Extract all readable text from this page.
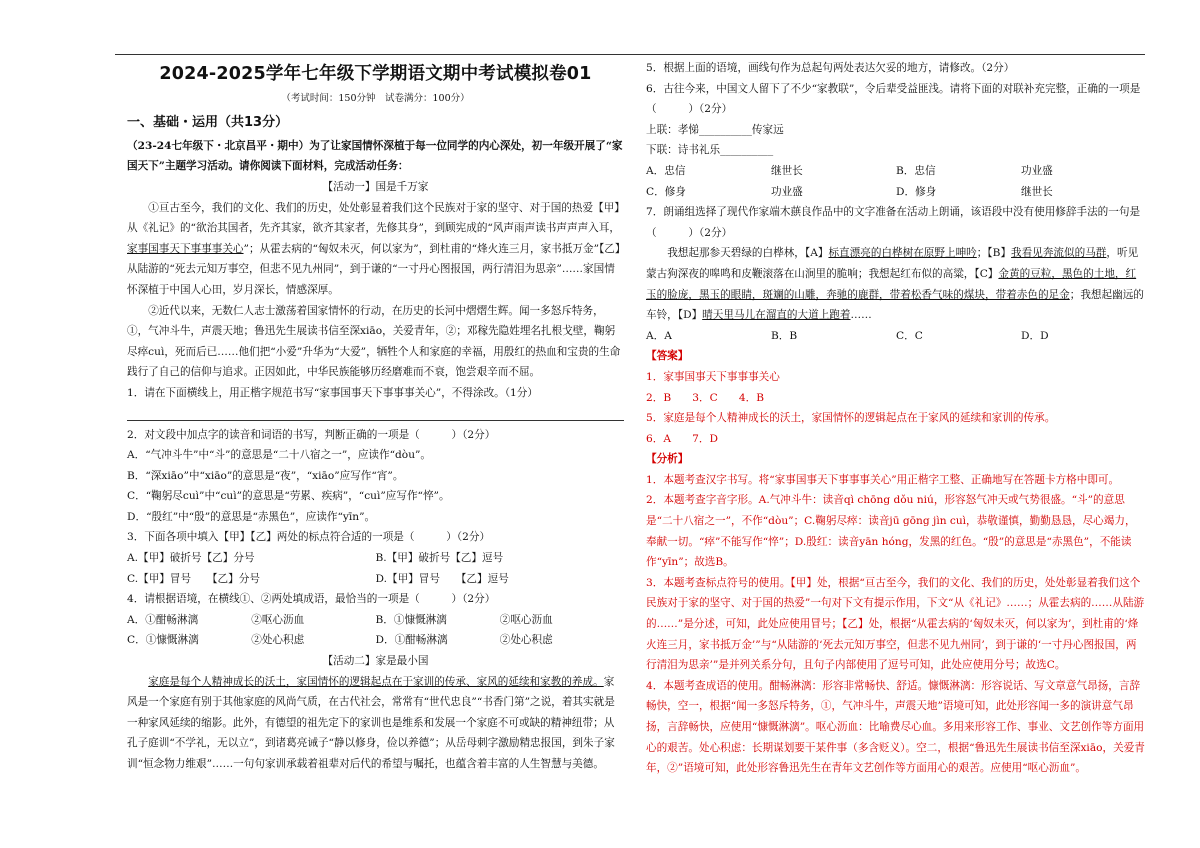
2024-2025学年七年级下学期语文期中考试模拟卷01
（考试时间：150分钟　试卷满分：100分）
一、基础・运用（共13分）

（23-24七年级下・北京昌平・期中）为了让家国情怀深植于每一位同学的内心深处，初一年级开展了“家国天下”主题学习活动。请你阅读下面材料，完成活动任务：

【活动一】国是千万家

①亘古至今，我们的文化、我们的历史，处处彰显着我们这个民族对于家的坚守、对于国的热爱【甲】从《礼记》的“欲治其国者，先齐其家，欲齐其家者，先修其身”，到顾宪成的“风声雨声读书声声声入耳，家事国事天下事事事关心”；从霍去病的“匈奴未灭，何以家为”，到杜甫的“烽火连三月，家书抵万金”【乙】从陆游的“死去元知万事空，但悲不见九州同”，到于谦的“一寸丹心图报国，两行清泪为思亲”……家国情怀深植于中国人心田，岁月深长，情感深厚。

②近代以来，无数仁人志士激荡着国家情怀的行动，在历史的长河中熠熠生辉。闻一多怒斥特务，①，气冲斗牛，声震天地；鲁迅先生展读书信至深xiāo，关爱青年，②；邓稼先隐姓埋名扎根戈壁，鞠躬尽瘁cuì，死而后已……他们把“小爱”升华为“大爱”，牺牲个人和家庭的幸福，用殷红的热血和宝贵的生命践行了自己的信仰与追求。正因如此，中华民族能够历经磨难而不衰，饱尝艰辛而不屈。

1．请在下面横线上，用正楷字规范书写“家事国事天下事事事关心”，不得涂改。（1分）

2．对文段中加点字的读音和词语的书写，判断正确的一项是（　　　）（2分）

A．“气冲斗牛”中“斗”的意思是“二十八宿之一”，应读作“dòu”。

B．“深xiāo”中“xiāo”的意思是“夜”，“xiāo”应写作“宵”。

C．“鞠躬尽cuì”中“cuì”的意思是“劳累、疾病”，“cuì”应写作“悴”。

D．“殷红”中“殷”的意思是“赤黑色”，应读作“yīn”。

3．下面各项中填入【甲】【乙】两处的标点符合适的一项是（　　　）（2分）

A.【甲】破折号【乙】分号	B.【甲】破折号【乙】逗号
C.【甲】冒号　　【乙】分号	D.【甲】冒号　　【乙】逗号

4．请根据语境，在横线①、②两处填成语，最恰当的一项是（　　　）（2分）

A．①酣畅淋漓	②呕心沥血	B．①慷慨淋漓	②呕心沥血
C．①慷慨淋漓	②处心积虑	D．①酣畅淋漓	②处心积虑
【活动二】家是最小国

家庭是每个人精神成长的沃土，家国情怀的逻辑起点在于家训的传承、家风的延续和家教的养成。家风是一个家庭有别于其他家庭的风尚气质，在古代社会，常常有“世代忠良”“书香门第”之说，着其实就是一种家风延续的缩影。此外，有德望的祖先定下的家训也是维系和发展一个家庭不可或缺的精神纽带；从孔子庭训“不学礼，无以立”，到诸葛亮诫子“静以修身，俭以养德”；从岳母刺字激励精忠报国，到朱子家训“恒念物力维艰”……一句句家训承载着祖辈对后代的希望与嘱托，也蕴含着丰富的人生智慧与美德。

5．根据上面的语境，画线句作为总起句两处表达欠妥的地方，请修改。（2分）

6．古往今来，中国文人留下了不少“家教联”，令后辈受益匪浅。请将下面的对联补充完整，正确的一项是（　　　）（2分）

上联：孝悌__________传家远

下联：诗书礼乐__________

A．忠信	继世长	B．忠信	功业盛
C．修身	功业盛	D．修身	继世长

7．朗诵组选择了现代作家端木蕻良作品中的文字准备在活动上朗诵，该语段中没有使用修辞手法的一句是（　　　）（2分）

我想起那参天碧绿的白桦林，【A】标直漂亮的白桦树在原野上呻吟；【B】我看见奔流似的马群，听见蒙古狗深夜的嗥鸣和皮鞭滚落在山涧里的脆响；我想起红布似的高粱，【C】金黄的豆粒，黑色的土地，红玉的脸庞，黑玉的眼睛，斑斓的山雕，奔驰的鹿群，带着松香气味的煤块，带着赤色的足金；我想起幽远的车铃，【D】晴天里马儿在溜直的大道上跑着……

A．A	B．B	C．C	D．D

【答案】

1．家事国事天下事事事关心

2．B　　3．C　　4．B

5．家庭是每个人精神成长的沃土，家国情怀的逻辑起点在于家风的延续和家训的传承。

6．A　　7．D

【分析】

1．本题考查汉字书写。将“家事国事天下事事事关心”用正楷字工整、正确地写在答题卡方格中即可。

2．本题考查字音字形。A.气冲斗牛：读音qì chōng dǒu niú，形容怒气冲天或气势很盛。“斗”的意思是“二十八宿之一”，不作“dòu”；C.鞠躬尽瘁：读音jū gōng jìn cuì，恭敬谨慎，勤勤恳恳，尽心竭力，奉献一切。“瘁”不能写作“悴”；D.殷红：读音yān hóng，发黑的红色。“殷”的意思是“赤黑色”，不能读作“yīn”；故选B。

3．本题考查标点符号的使用。【甲】处，根据“亘古至今，我们的文化、我们的历史，处处彰显着我们这个民族对于家的坚守、对于国的热爱”一句对下文有提示作用，下文“从《礼记》……；从霍去病的……从陆游的……”是分述，可知，此处应使用冒号；【乙】处，根据“从霍去病的‘匈奴未灭，何以家为’，到杜甫的‘烽火连三月，家书抵万金’”与“从陆游的‘死去元知万事空，但悲不见九州同’，到于谦的‘一寸丹心图报国，两行清泪为思亲’”是并列关系分句，且句子内部使用了逗号可知，此处应使用分号；故选C。

4．本题考查成语的使用。酣畅淋漓：形容非常畅快、舒适。慷慨淋漓：形容说话、写文章意气昂扬，言辞畅快，空一，根据“闻一多怒斥特务，①，气冲斗牛，声震天地”语境可知，此处形容闻一多的演讲意气昂扬，言辞畅快，应使用“慷慨淋漓”。呕心沥血：比喻费尽心血。多用来形容工作、事业、文艺创作等方面用心的艰苦。处心积虑：长期谋划要干某件事（多含贬义）。空二，根据“鲁迅先生展读书信至深xiāo，关爱青年，②”语境可知，此处形容鲁迅先生在青年文艺创作等方面用心的艰苦。应使用“呕心沥血”。
